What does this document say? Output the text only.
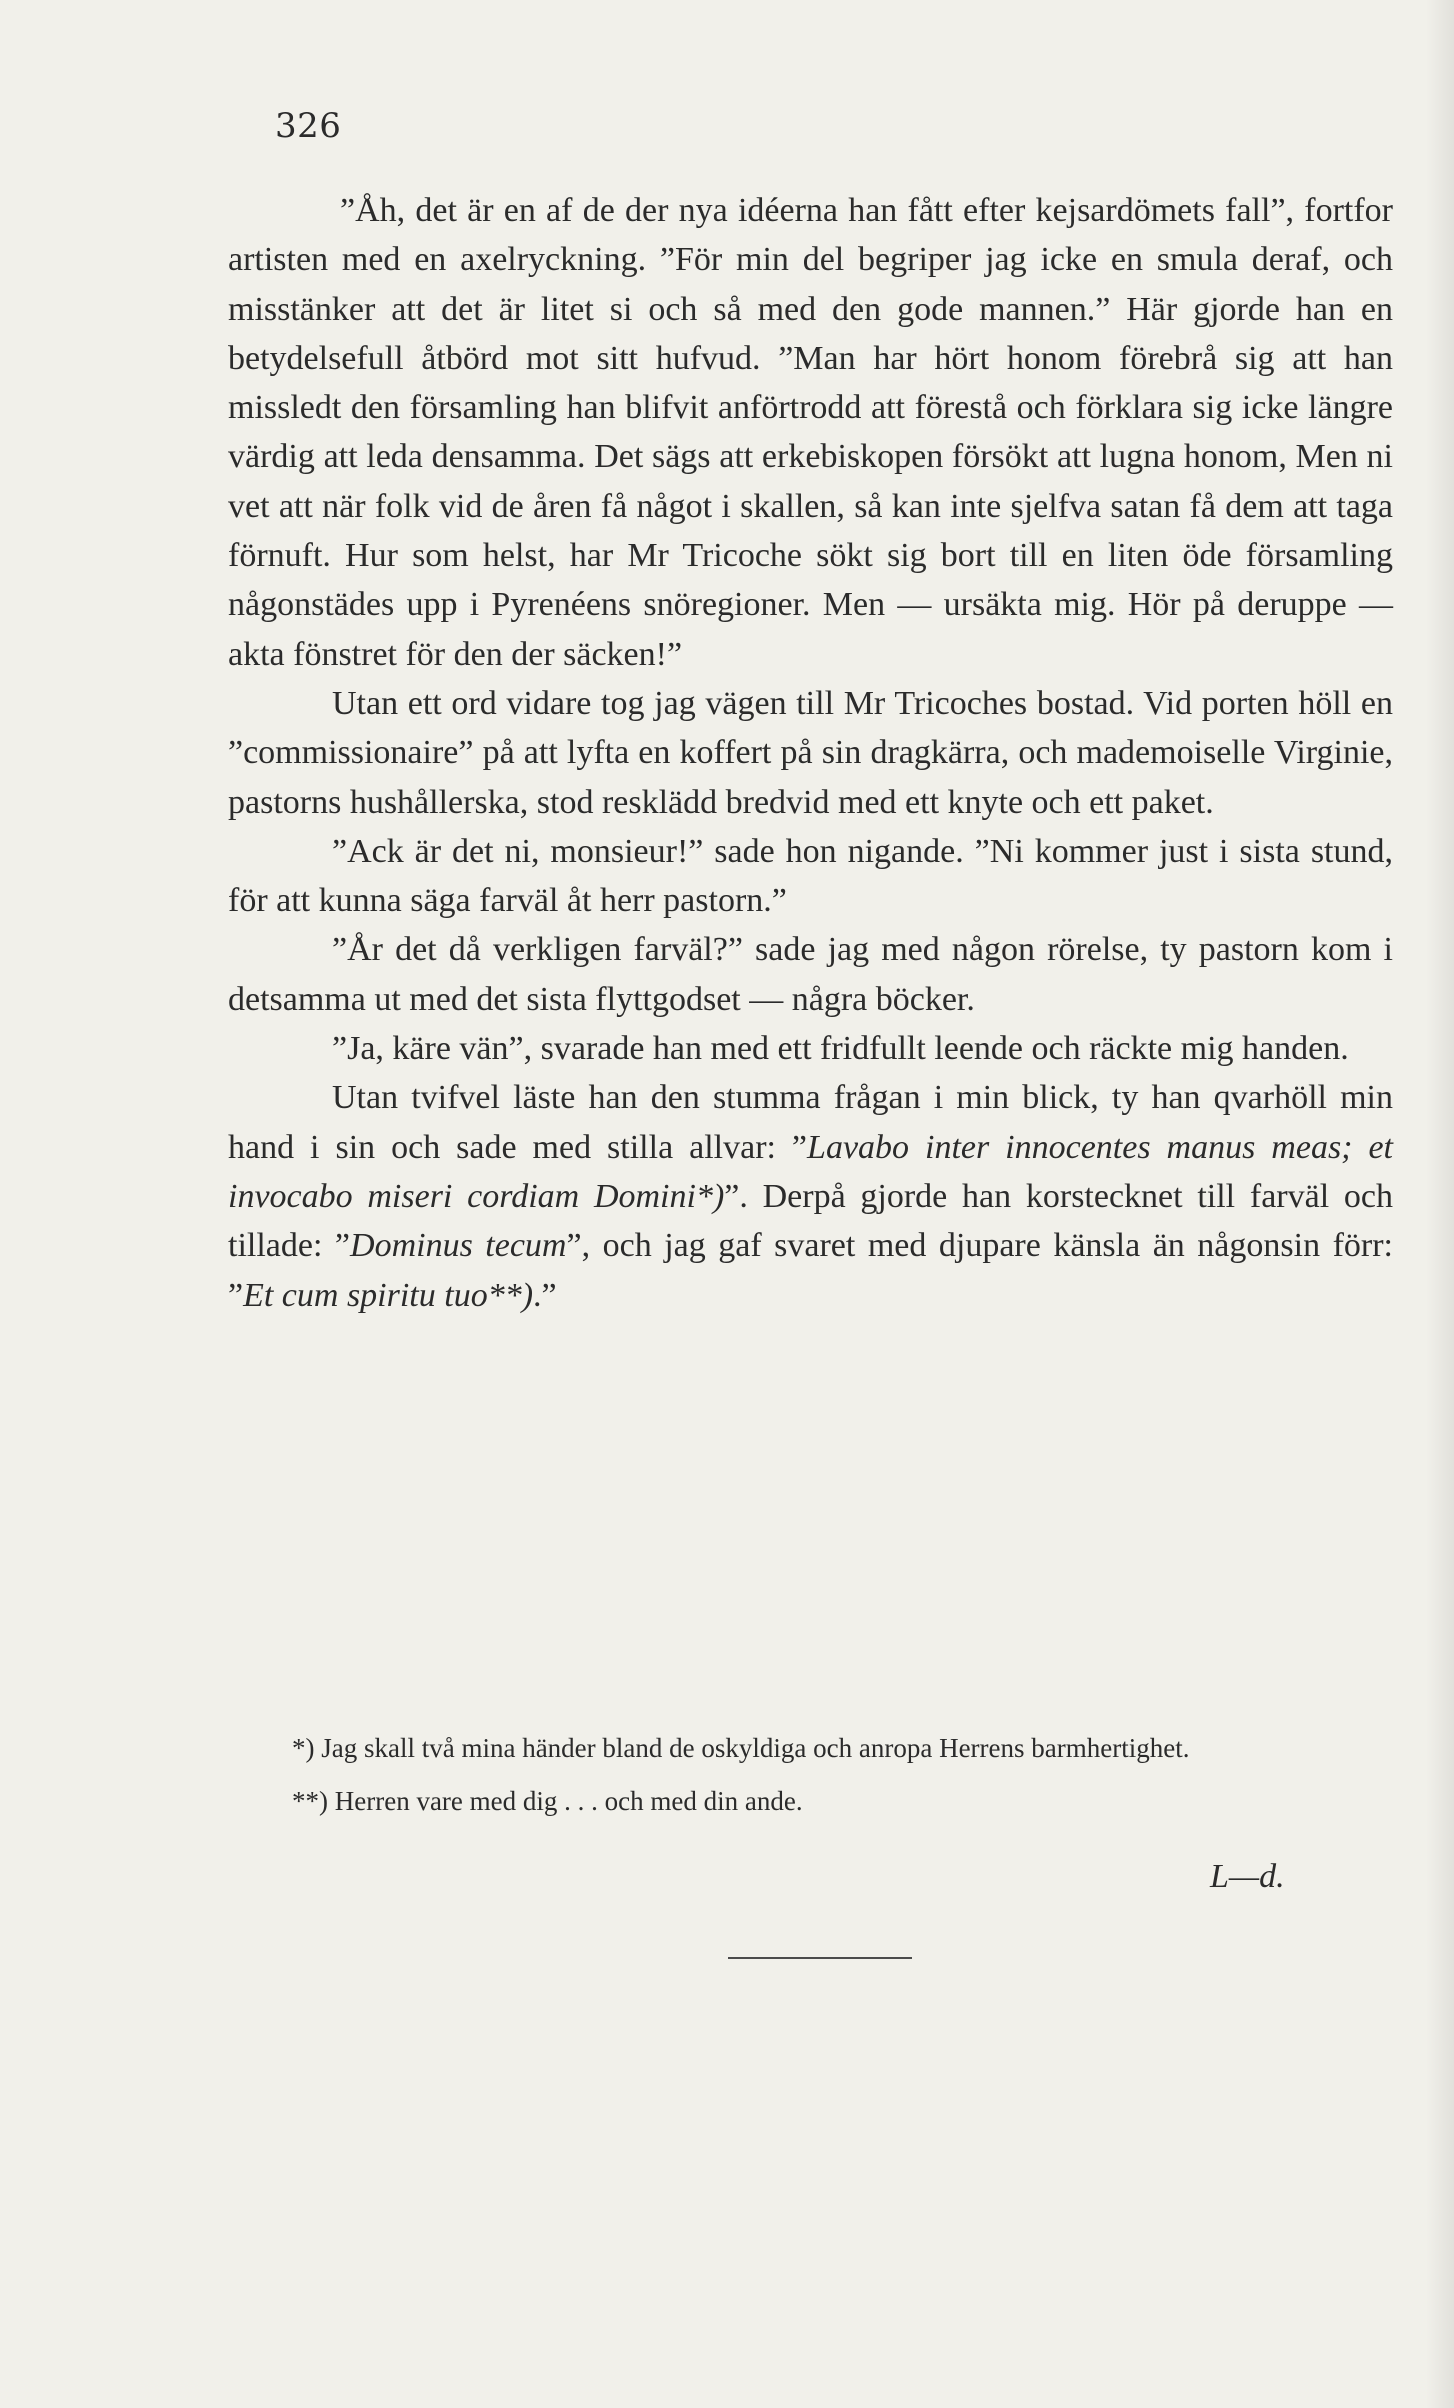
326

”Åh, det är en af de der nya idéerna han fått efter kejsardömets fall”, fortfor artisten med en axelryckning. ”För min del begriper jag icke en smula deraf, och misstänker att det är litet si och så med den gode mannen.” Här gjorde han en betydelsefull åtbörd mot sitt hufvud. ”Man har hört honom förebrå sig att han missledt den församling han blifvit anförtrodd att förestå och förklara sig icke längre värdig att leda densamma. Det sägs att erkebiskopen försökt att lugna honom, Men ni vet att när folk vid de åren få något i skallen, så kan inte sjelfva satan få dem att taga förnuft. Hur som helst, har Mr Tricoche sökt sig bort till en liten öde församling någonstädes upp i Pyrenéens snöregioner. Men — ursäkta mig. Hör på deruppe — akta fönstret för den der säcken!”

Utan ett ord vidare tog jag vägen till Mr Tricoches bostad. Vid porten höll en ”commissionaire” på att lyfta en koffert på sin dragkärra, och mademoiselle Virginie, pastorns hushållerska, stod resklädd bredvid med ett knyte och ett paket.

”Ack är det ni, monsieur!” sade hon nigande. ”Ni kommer just i sista stund, för att kunna säga farväl åt herr pastorn.”

”År det då verkligen farväl?” sade jag med någon rörelse, ty pastorn kom i detsamma ut med det sista flyttgodset — några böcker.

”Ja, käre vän”, svarade han med ett fridfullt leende och räckte mig handen.

Utan tvifvel läste han den stumma frågan i min blick, ty han qvarhöll min hand i sin och sade med stilla allvar: ”Lavabo inter innocentes manus meas; et invocabo miseri cordiam Domini*)”. Derpå gjorde han korstecknet till farväl och tillade: ”Dominus tecum”, och jag gaf svaret med djupare känsla än någonsin förr: ”Et cum spiritu tuo**).”

*) Jag skall två mina händer bland de oskyldiga och anropa Herrens barmhertighet.

**) Herren vare med dig . . . och med din ande.

L—d.
